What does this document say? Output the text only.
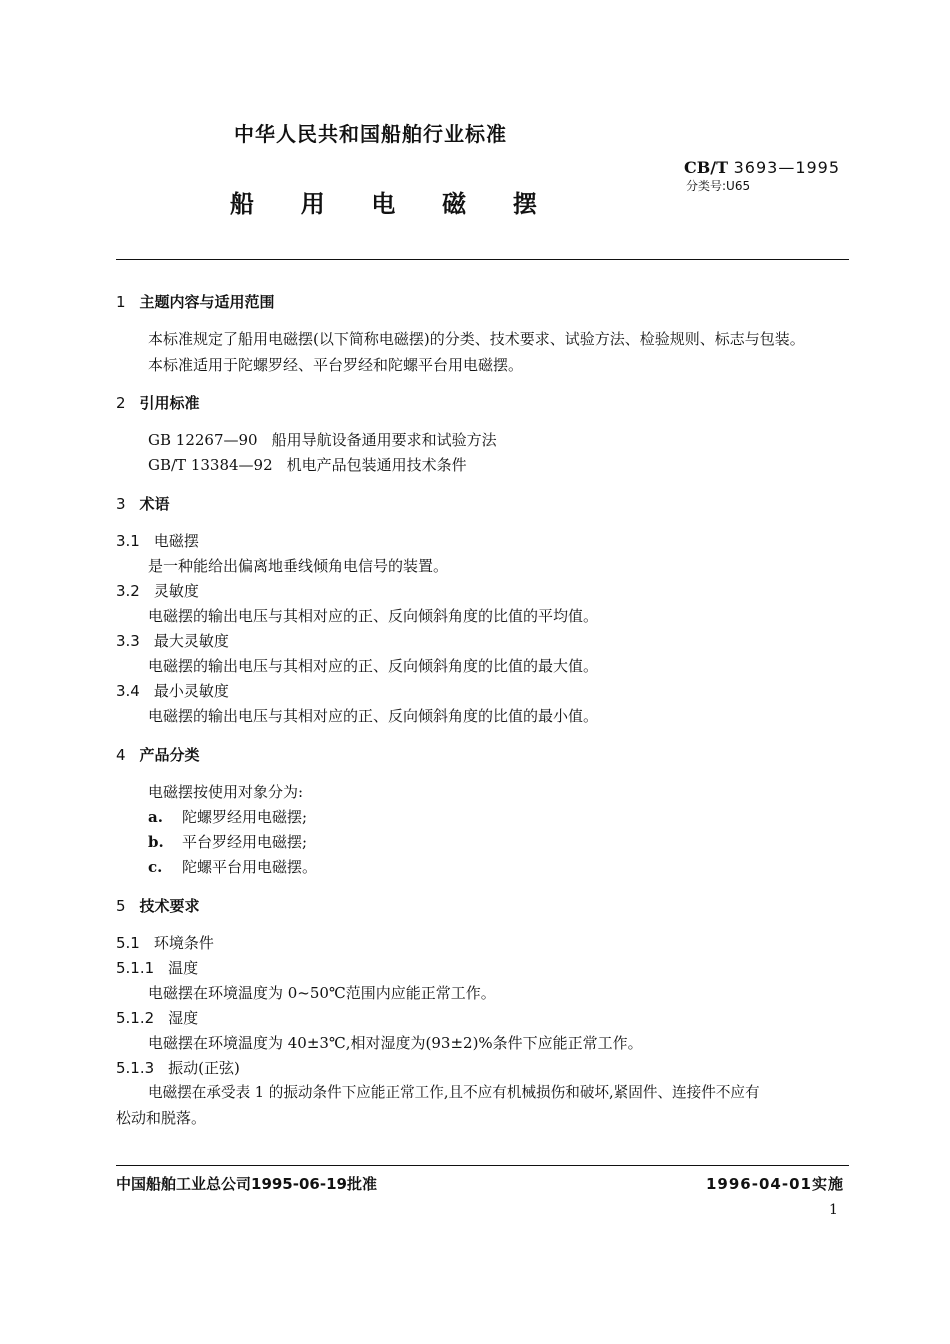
中华人民共和国船舶行业标准
CB/T 3693—1995
分类号:U65
船  用  电  磁  摆
1 主题内容与适用范围
本标准规定了船用电磁摆(以下简称电磁摆)的分类、技术要求、试验方法、检验规则、标志与包装。
本标准适用于陀螺罗经、平台罗经和陀螺平台用电磁摆。
2 引用标准
GB 12267—90 船用导航设备通用要求和试验方法
GB/T 13384—92 机电产品包装通用技术条件
3 术语
3.1 电磁摆
是一种能给出偏离地垂线倾角电信号的装置。
3.2 灵敏度
电磁摆的输出电压与其相对应的正、反向倾斜角度的比值的平均值。
3.3 最大灵敏度
电磁摆的输出电压与其相对应的正、反向倾斜角度的比值的最大值。
3.4 最小灵敏度
电磁摆的输出电压与其相对应的正、反向倾斜角度的比值的最小值。
4 产品分类
电磁摆按使用对象分为:
a. 陀螺罗经用电磁摆;
b. 平台罗经用电磁摆;
c. 陀螺平台用电磁摆。
5 技术要求
5.1 环境条件
5.1.1 温度
电磁摆在环境温度为 0~50℃范围内应能正常工作。
5.1.2 湿度
电磁摆在环境温度为 40±3℃,相对湿度为(93±2)%条件下应能正常工作。
5.1.3 振动(正弦)
电磁摆在承受表 1 的振动条件下应能正常工作,且不应有机械损伤和破坏,紧固件、连接件不应有
松动和脱落。
中国船舶工业总公司1995-06-19批准	1996-04-01实施
1
